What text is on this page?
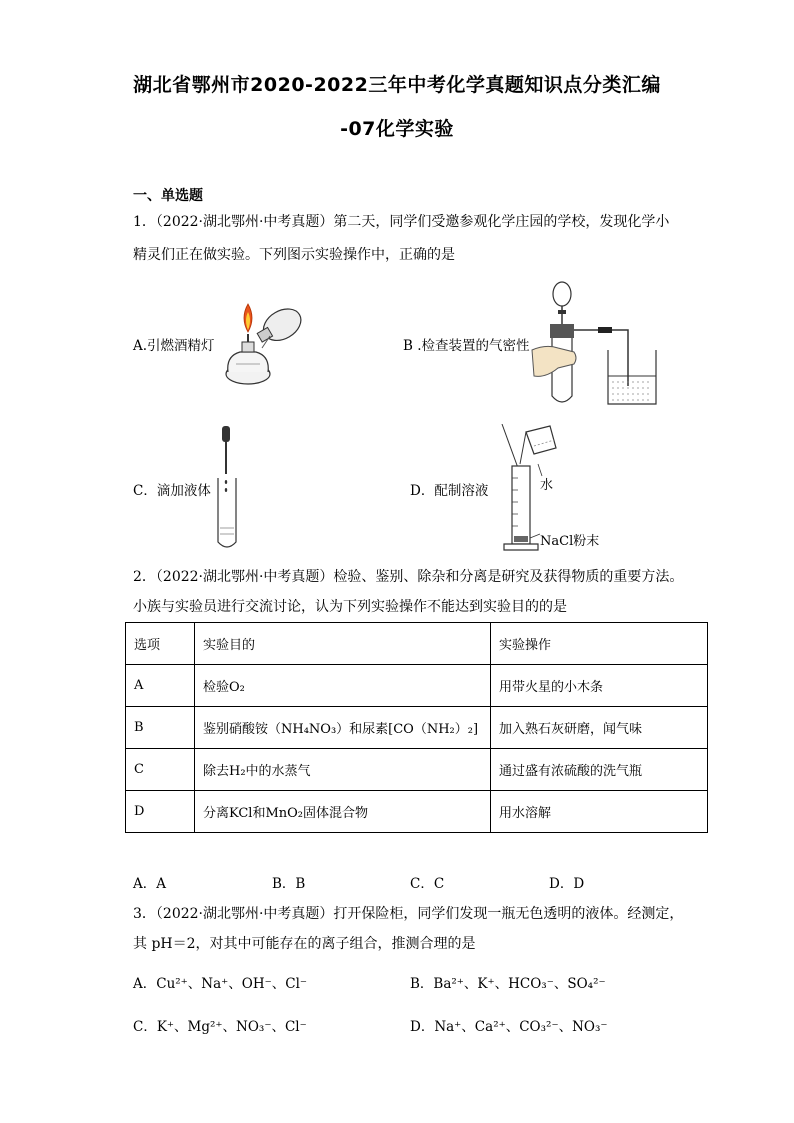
湖北省鄂州市2020-2022三年中考化学真题知识点分类汇编
-07化学实验
一、单选题
1．（2022·湖北鄂州·中考真题）第二天，同学们受邀参观化学庄园的学校，发现化学小
精灵们正在做实验。下列图示实验操作中，正确的是
A.引燃酒精灯	B .检查装置的气密性
C．滴加液体	D．配制溶液	水
NaCl粉末
2．（2022·湖北鄂州·中考真题）检验、鉴别、除杂和分离是研究及获得物质的重要方法。
小族与实验员进行交流讨论，认为下列实验操作不能达到实验目的的是
选项	实验目的	实验操作
A	检验O₂	用带火星的小木条
B	鉴别硝酸铵（NH₄NO₃）和尿素[CO（NH₂）₂]	加入熟石灰研磨，闻气味
C	除去H₂中的水蒸气	通过盛有浓硫酸的洗气瓶
D	分离KCl和MnO₂固体混合物	用水溶解
A．A	B．B	C．C	D．D
3．（2022·湖北鄂州·中考真题）打开保险柜，同学们发现一瓶无色透明的液体。经测定，
其 pH＝2，对其中可能存在的离子组合，推测合理的是
A．Cu²⁺、Na⁺、OH⁻、Cl⁻	B．Ba²⁺、K⁺、HCO₃⁻、SO₄²⁻
C．K⁺、Mg²⁺、NO₃⁻、Cl⁻	D．Na⁺、Ca²⁺、CO₃²⁻、NO₃⁻
